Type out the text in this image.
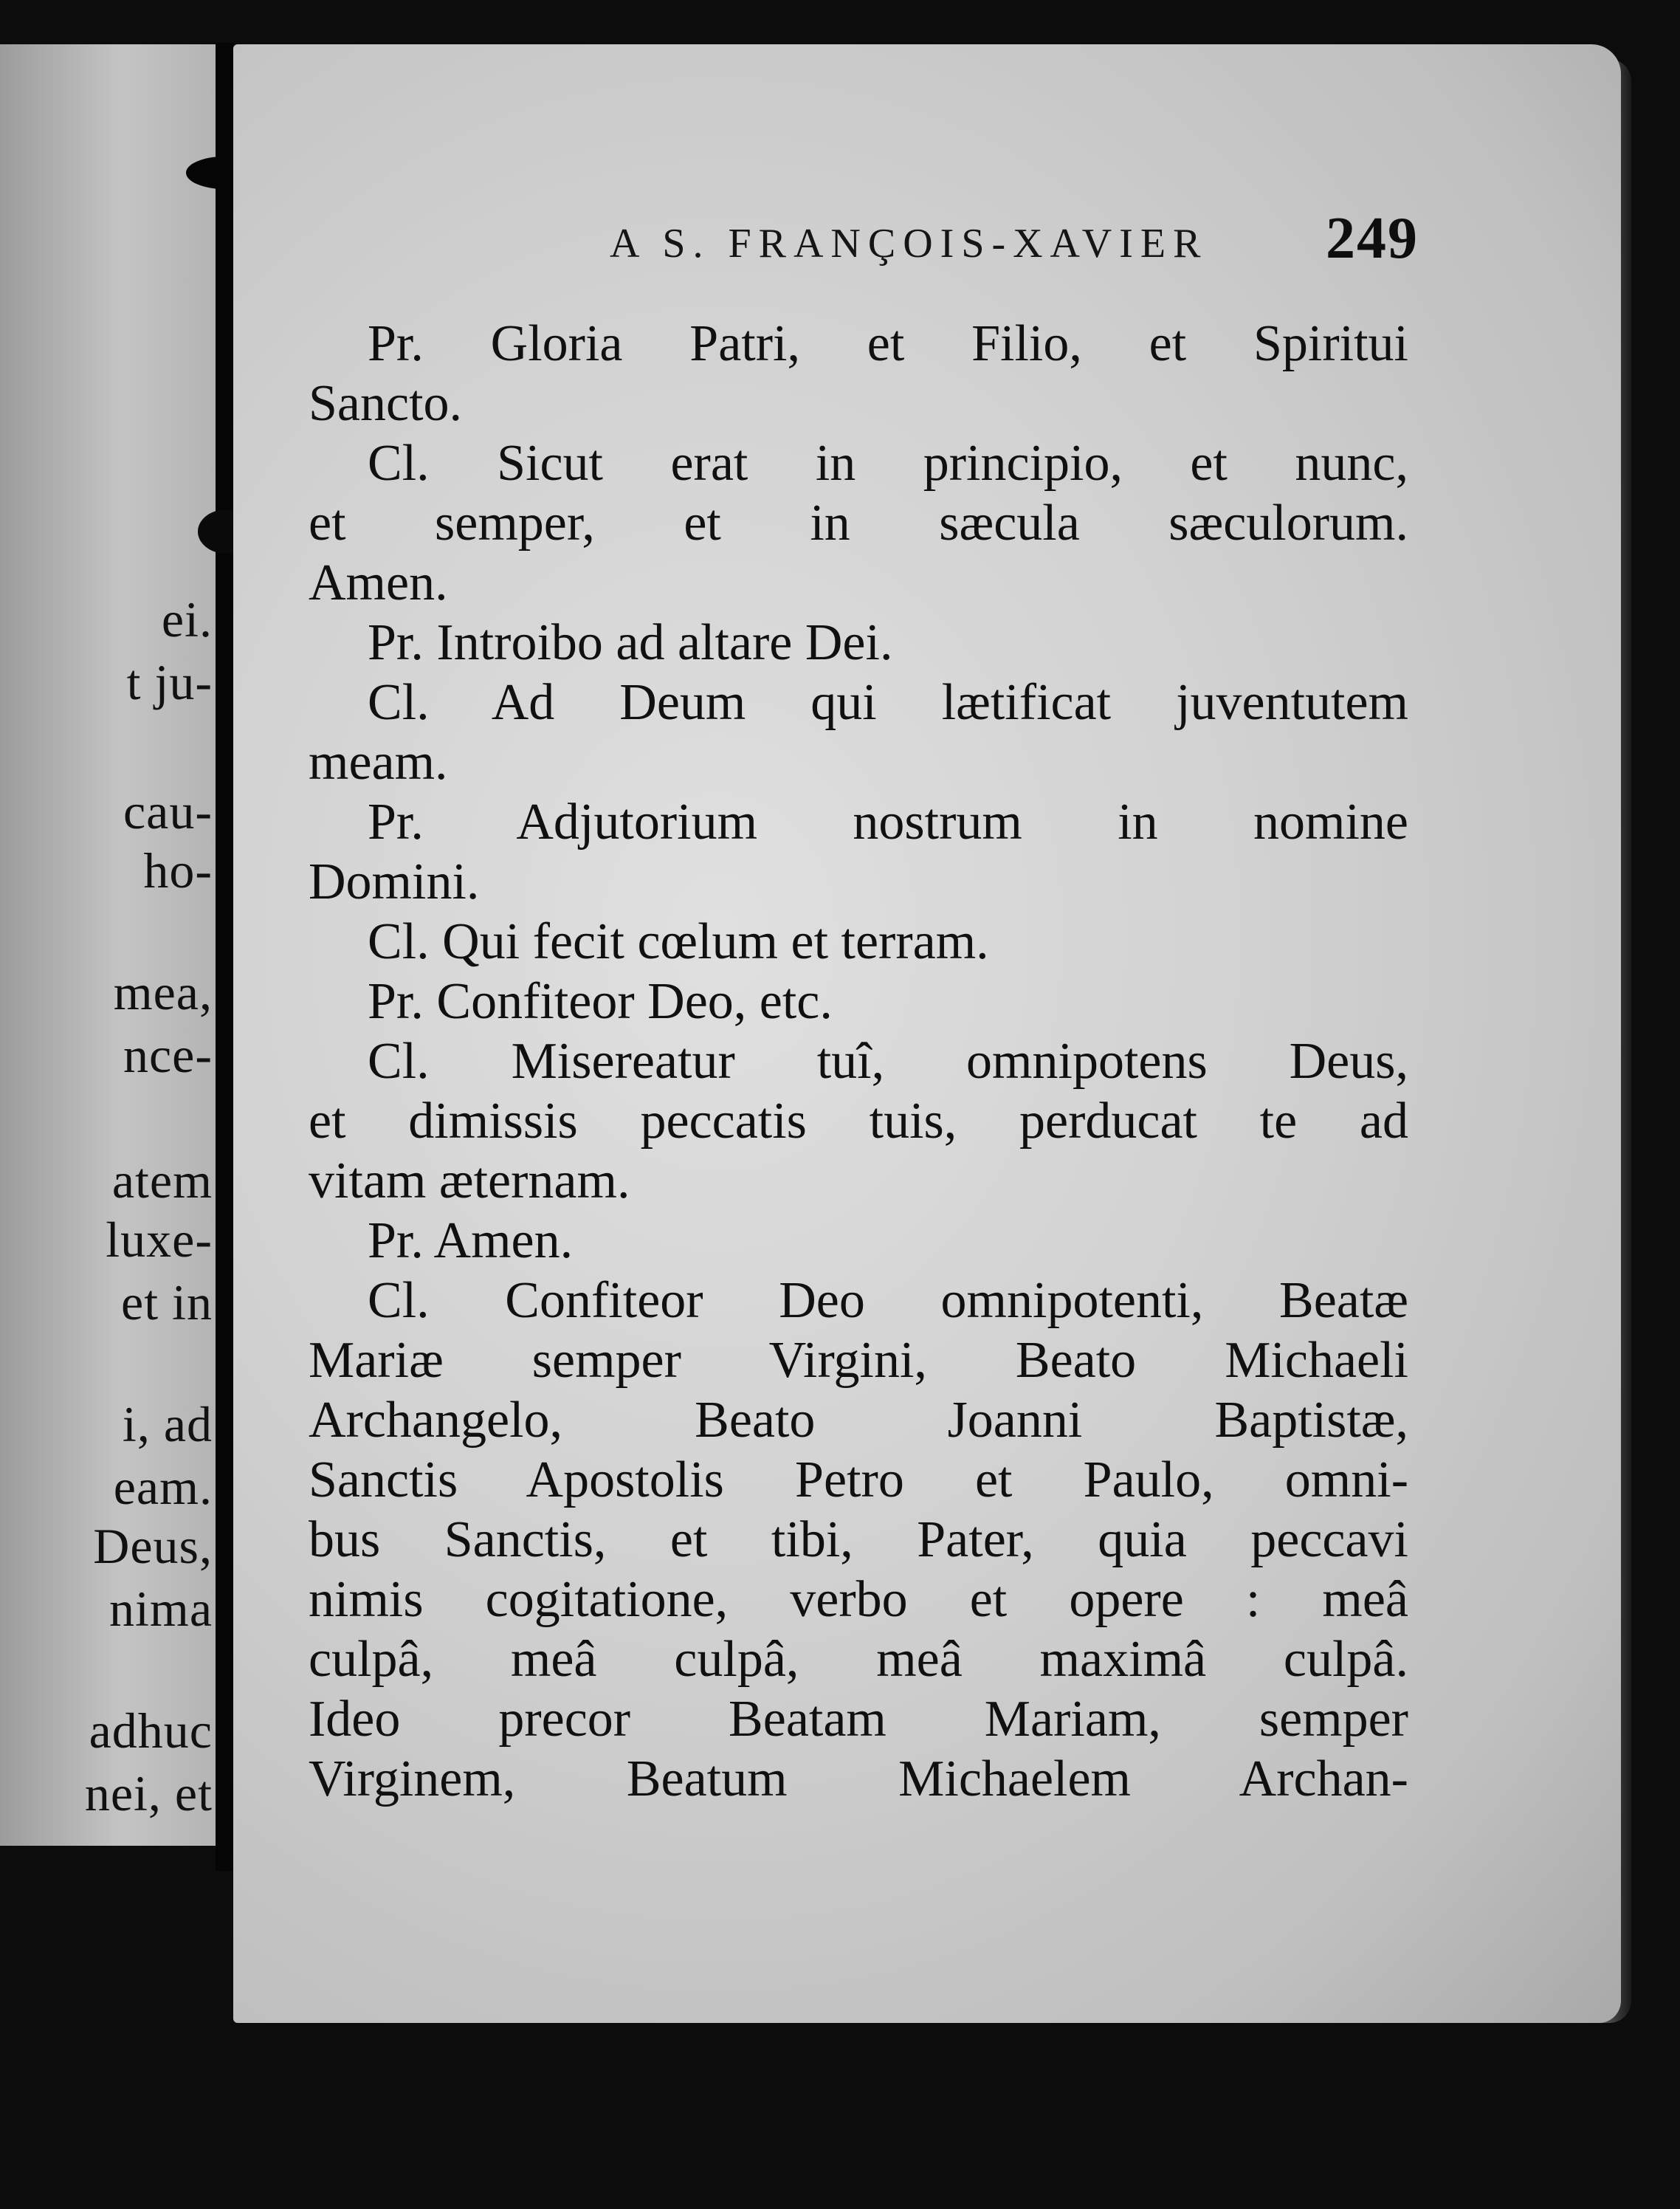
ei.
t ju-
cau-
ho-
mea,
nce-
atem
luxe-
et in
i, ad
eam.
Deus,
nima
adhuc
nei, et
A S. FRANÇOIS-XAVIER 249
Pr. Gloria Patri, et Filio, et Spiritui
Sancto.
Cl. Sicut erat in principio, et nunc,
et semper, et in sæcula sæculorum.
Amen.
Pr. Introibo ad altare Dei.
Cl. Ad Deum qui lætificat juventutem
meam.
Pr. Adjutorium nostrum in nomine
Domini.
Cl. Qui fecit cœlum et terram.
Pr. Confiteor Deo, etc.
Cl. Misereatur tuî, omnipotens Deus,
et dimissis peccatis tuis, perducat te ad
vitam æternam.
Pr. Amen.
Cl. Confiteor Deo omnipotenti, Beatæ
Mariæ semper Virgini, Beato Michaeli
Archangelo, Beato Joanni Baptistæ,
Sanctis Apostolis Petro et Paulo, omni-
bus Sanctis, et tibi, Pater, quia peccavi
nimis cogitatione, verbo et opere : meâ
culpâ, meâ culpâ, meâ maximâ culpâ.
Ideo precor Beatam Mariam, semper
Virginem, Beatum Michaelem Archan-
